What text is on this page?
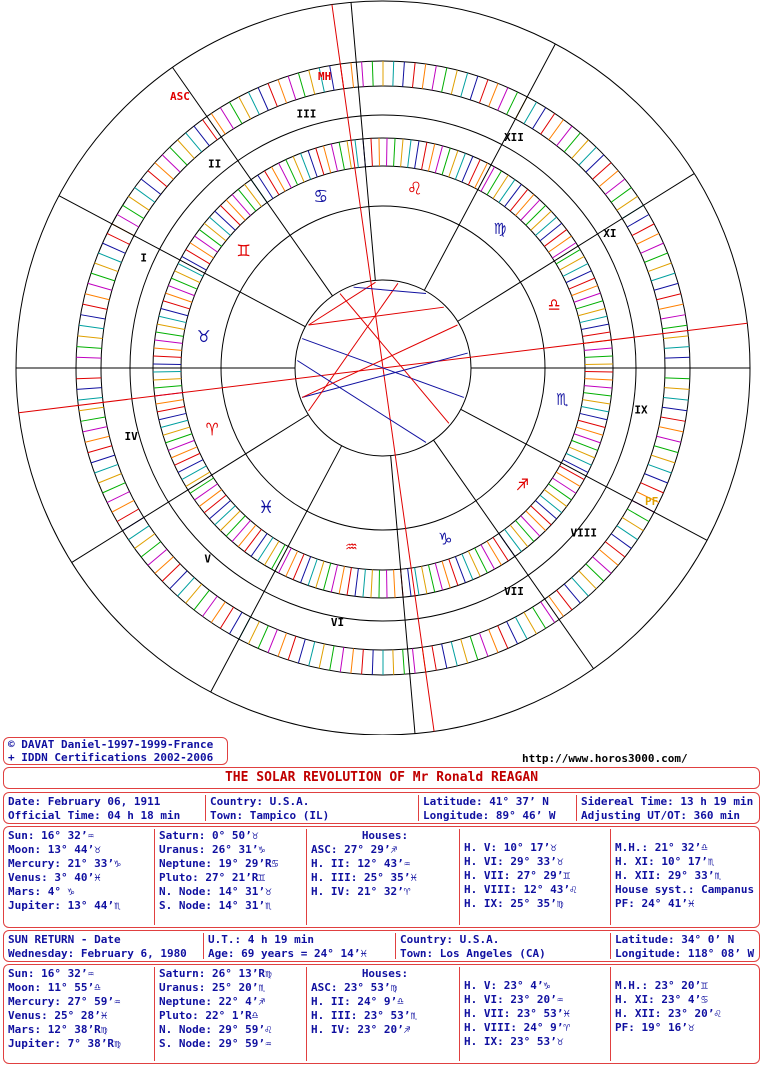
♈
♉
♊
♋	♌
♍
♎
♏
♐
♑
♒
♓
IV
V
VI
VII
VIII
IX
XI
XII
I
II
III
ASC
MH
PF
© DAVAT Daniel-1997-1999-France
+ IDDN Certifications 2002-2006	http://www.horos3000.com/
THE SOLAR REVOLUTION OF Mr Ronald REAGAN
Date: February 06, 1911
Official Time: 04 h 18 min
Country: U.S.A.
Town: Tampico (IL)
Latitude: 41° 37’ N
Longitude: 89° 46’ W
Sidereal Time: 13 h 19 min
Adjusting UT/OT: 360 min
Sun: 16° 32’♒
Moon: 13° 44’♉
Mercury: 21° 33’♑
Venus: 3° 40’♓
Mars: 4° ♑
Jupiter: 13° 44’♏
Saturn: 0° 50’♉
Uranus: 26° 31’♑
Neptune: 19° 29’R♋
Pluto: 27° 21’R♊
N. Node: 14° 31’♉
S. Node: 14° 31’♏
Houses:
ASC: 27° 29’♐
H. II: 12° 43’♒
H. III: 25° 35’♓
H. IV: 21° 32’♈
H. V: 10° 17’♉
H. VI: 29° 33’♉
H. VII: 27° 29’♊
H. VIII: 12° 43’♌
H. IX: 25° 35’♍
M.H.: 21° 32’♎
H. XI: 10° 17’♏
H. XII: 29° 33’♏
House syst.: Campanus
PF: 24° 41’♓
SUN RETURN - Date
Wednesday: February 6, 1980
U.T.: 4 h 19 min
Age: 69 years = 24° 14’♓
Country: U.S.A.
Town: Los Angeles (CA)
Latitude: 34° 0’ N
Longitude: 118° 08’ W
Sun: 16° 32’♒
Moon: 11° 55’♎
Mercury: 27° 59’♒
Venus: 25° 28’♓
Mars: 12° 38’R♍
Jupiter: 7° 38’R♍
Saturn: 26° 13’R♍
Uranus: 25° 20’♏
Neptune: 22° 4’♐
Pluto: 22° 1’R♎
N. Node: 29° 59’♌
S. Node: 29° 59’♒
Houses:
ASC: 23° 53’♍
H. II: 24° 9’♎
H. III: 23° 53’♏
H. IV: 23° 20’♐
H. V: 23° 4’♑
H. VI: 23° 20’♒
H. VII: 23° 53’♓
H. VIII: 24° 9’♈
H. IX: 23° 53’♉
M.H.: 23° 20’♊
H. XI: 23° 4’♋
H. XII: 23° 20’♌
PF: 19° 16’♉
